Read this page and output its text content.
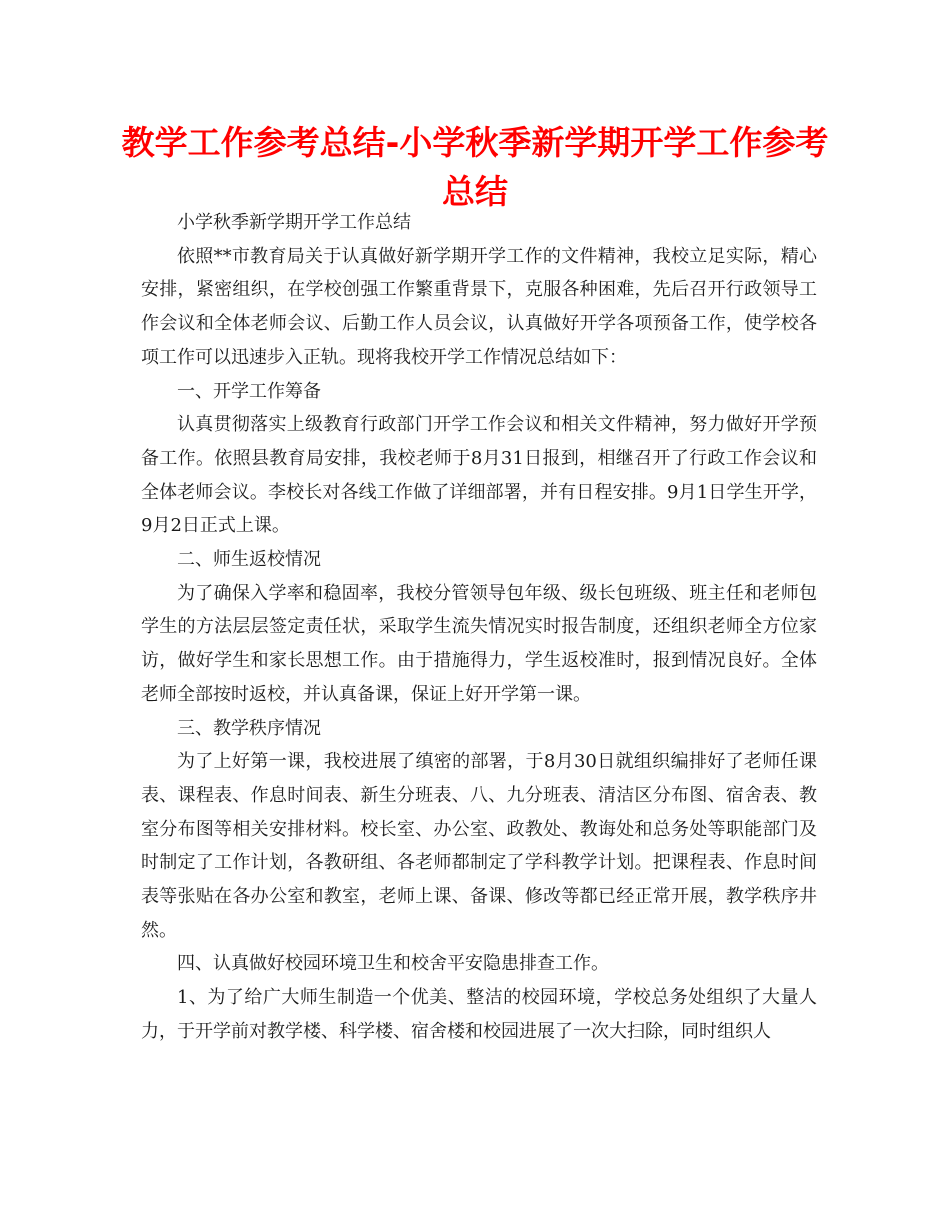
教学工作参考总结-小学秋季新学期开学工作参考总结

小学秋季新学期开学工作总结

依照**市教育局关于认真做好新学期开学工作的文件精神，我校立足实际，精心安排，紧密组织，在学校创强工作繁重背景下，克服各种困难，先后召开行政领导工作会议和全体老师会议、后勤工作人员会议，认真做好开学各项预备工作，使学校各项工作可以迅速步入正轨。现将我校开学工作情况总结如下：

一、开学工作筹备

认真贯彻落实上级教育行政部门开学工作会议和相关文件精神，努力做好开学预备工作。依照县教育局安排，我校老师于8月31日报到，相继召开了行政工作会议和全体老师会议。李校长对各线工作做了详细部署，并有日程安排。9月1日学生开学，9月2日正式上课。

二、师生返校情况

为了确保入学率和稳固率，我校分管领导包年级、级长包班级、班主任和老师包学生的方法层层签定责任状，采取学生流失情况实时报告制度，还组织老师全方位家访，做好学生和家长思想工作。由于措施得力，学生返校准时，报到情况良好。全体老师全部按时返校，并认真备课，保证上好开学第一课。

三、教学秩序情况

为了上好第一课，我校进展了缜密的部署，于8月30日就组织编排好了老师任课表、课程表、作息时间表、新生分班表、八、九分班表、清洁区分布图、宿舍表、教室分布图等相关安排材料。校长室、办公室、政教处、教诲处和总务处等职能部门及时制定了工作计划，各教研组、各老师都制定了学科教学计划。把课程表、作息时间表等张贴在各办公室和教室，老师上课、备课、修改等都已经正常开展，教学秩序井然。

四、认真做好校园环境卫生和校舍平安隐患排查工作。

1、为了给广大师生制造一个优美、整洁的校园环境，学校总务处组织了大量人力，于开学前对教学楼、科学楼、宿舍楼和校园进展了一次大扫除，同时组织人
